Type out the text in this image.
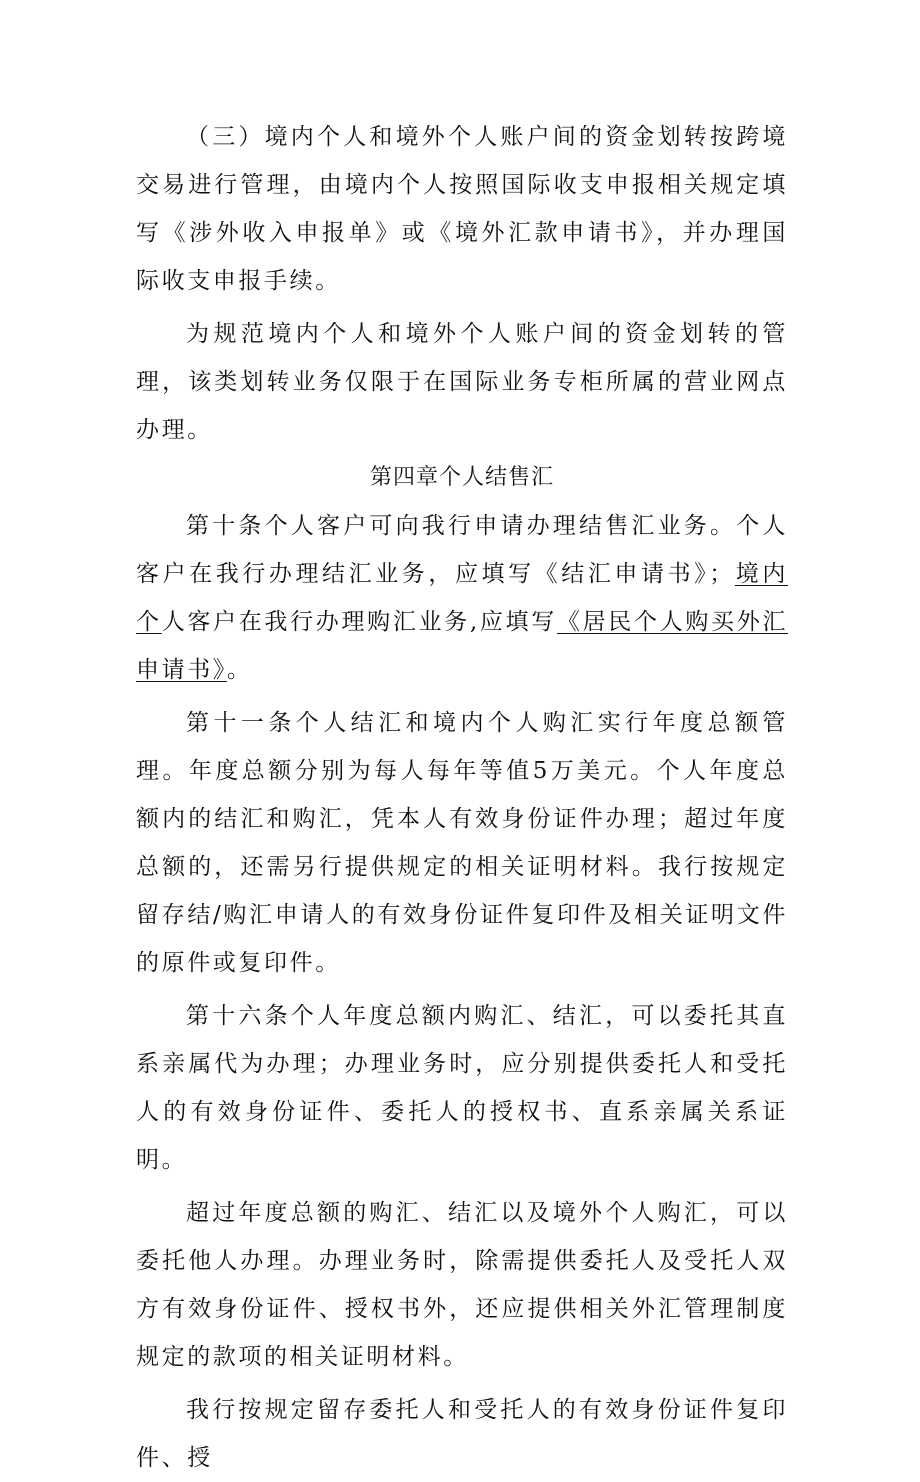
（三）境内个人和境外个人账户间的资金划转按跨境交易进行管理，由境内个人按照国际收支申报相关规定填写《涉外收入申报单》或《境外汇款申请书》，并办理国际收支申报手续。

为规范境内个人和境外个人账户间的资金划转的管理，该类划转业务仅限于在国际业务专柜所属的营业网点办理。

第四章个人结售汇

第十条个人客户可向我行申请办理结售汇业务。个人客户在我行办理结汇业务，应填写《结汇申请书》；境内个人客户在我行办理购汇业务,应填写《居民个人购买外汇申请书》。

第十一条个人结汇和境内个人购汇实行年度总额管理。年度总额分别为每人每年等值5万美元。个人年度总额内的结汇和购汇，凭本人有效身份证件办理；超过年度总额的，还需另行提供规定的相关证明材料。我行按规定留存结/购汇申请人的有效身份证件复印件及相关证明文件的原件或复印件。

第十六条个人年度总额内购汇、结汇，可以委托其直系亲属代为办理；办理业务时，应分别提供委托人和受托人的有效身份证件、委托人的授权书、直系亲属关系证明。

超过年度总额的购汇、结汇以及境外个人购汇，可以委托他人办理。办理业务时，除需提供委托人及受托人双方有效身份证件、授权书外，还应提供相关外汇管理制度规定的款项的相关证明材料。

我行按规定留存委托人和受托人的有效身份证件复印件、授
